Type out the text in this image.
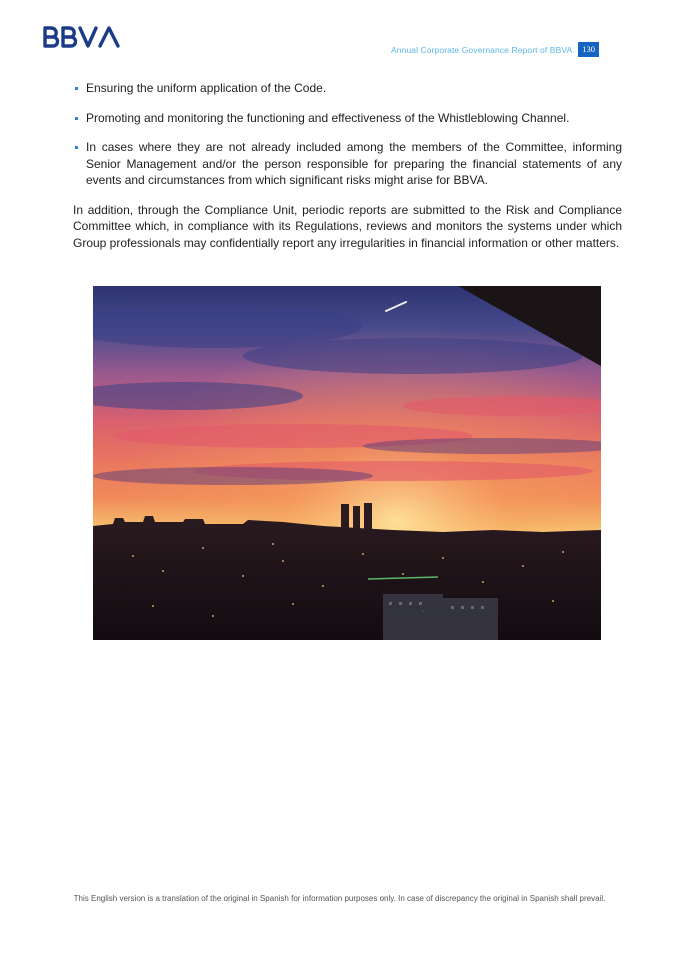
Annual Corporate Governance Report of BBVA	130
Ensuring the uniform application of the Code.
Promoting and monitoring the functioning and effectiveness of the Whistleblowing Channel.
In cases where they are not already included among the members of the Committee, informing Senior Management and/or the person responsible for preparing the financial statements of any events and circumstances from which significant risks might arise for BBVA.

In addition, through the Compliance Unit, periodic reports are submitted to the Risk and Compliance Committee which, in compliance with its Regulations, reviews and monitors the systems under which Group professionals may confidentially report any irregularities in financial information or other matters.

This English version is a translation of the original in Spanish for information purposes only. In case of discrepancy the original in Spanish shall prevail.
